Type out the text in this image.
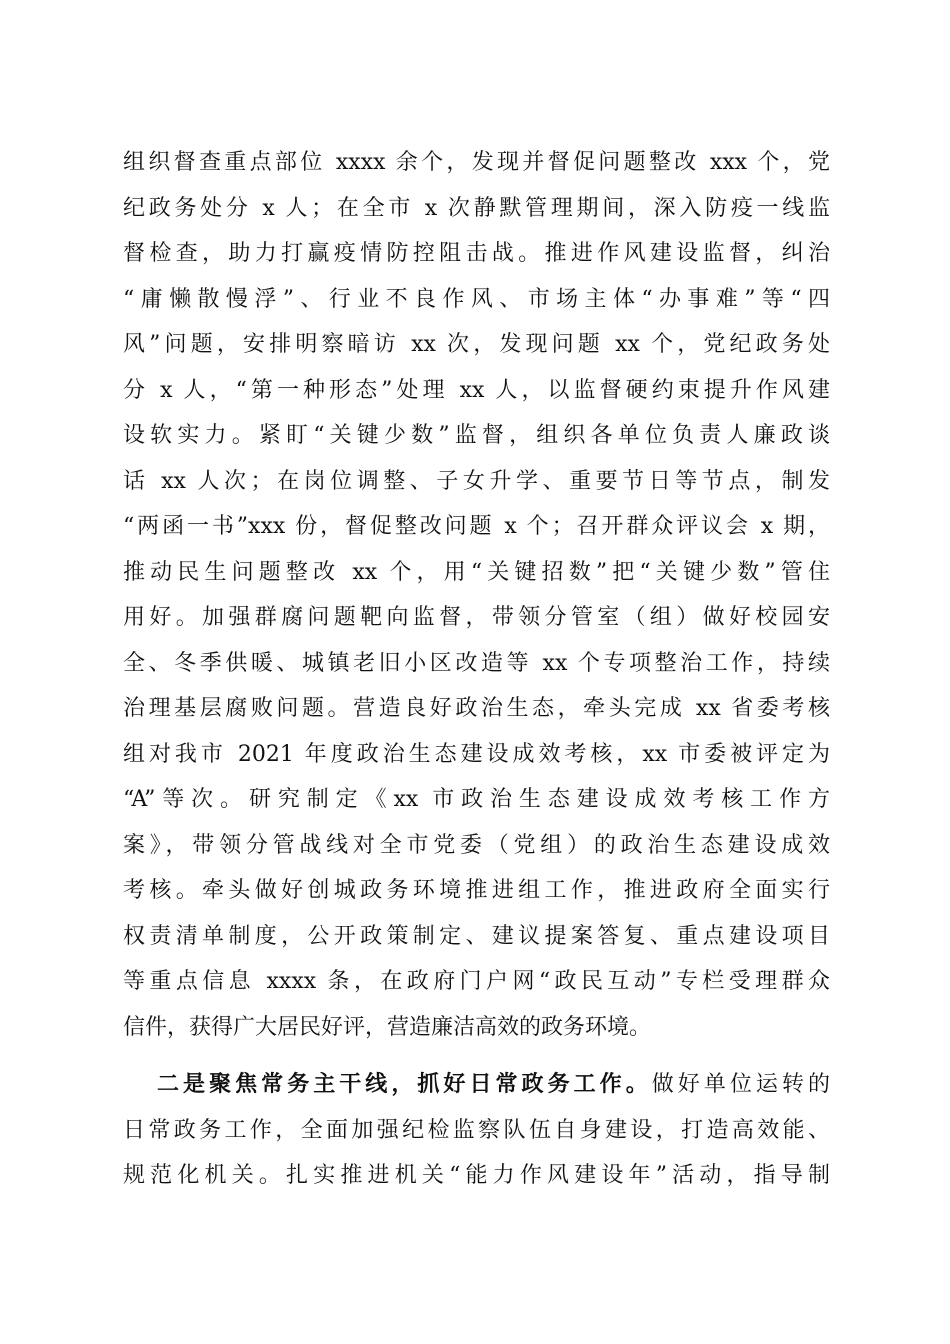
组织督查重点部位 xxxx 余个，发现并督促问题整改 xxx 个，党
纪政务处分 x 人；在全市 x 次静默管理期间，深入防疫一线监
督检查，助力打赢疫情防控阻击战。推进作风建设监督，纠治
“庸懒散慢浮”、行业不良作风、市场主体“办事难”等“四
风”问题，安排明察暗访 xx 次，发现问题 xx 个，党纪政务处
分 x 人，“第一种形态”处理 xx 人，以监督硬约束提升作风建
设软实力。紧盯“关键少数”监督，组织各单位负责人廉政谈
话 xx 人次；在岗位调整、子女升学、重要节日等节点，制发
“两函一书”xxx 份，督促整改问题 x 个；召开群众评议会 x 期，
推动民生问题整改 xx 个，用“关键招数”把“关键少数”管住
用好。加强群腐问题靶向监督，带领分管室（组）做好校园安
全、冬季供暖、城镇老旧小区改造等 xx 个专项整治工作，持续
治理基层腐败问题。营造良好政治生态，牵头完成 xx 省委考核
组对我市 2021 年度政治生态建设成效考核，xx 市委被评定为
“A”等次。研究制定《xx 市政治生态建设成效考核工作方
案》，带领分管战线对全市党委（党组）的政治生态建设成效
考核。牵头做好创城政务环境推进组工作，推进政府全面实行
权责清单制度，公开政策制定、建议提案答复、重点建设项目
等重点信息 xxxx 条，在政府门户网“政民互动”专栏受理群众
信件，获得广大居民好评，营造廉洁高效的政务环境。
二是聚焦常务主干线，抓好日常政务工作。做好单位运转的
日常政务工作，全面加强纪检监察队伍自身建设，打造高效能、
规范化机关。扎实推进机关“能力作风建设年”活动，指导制
